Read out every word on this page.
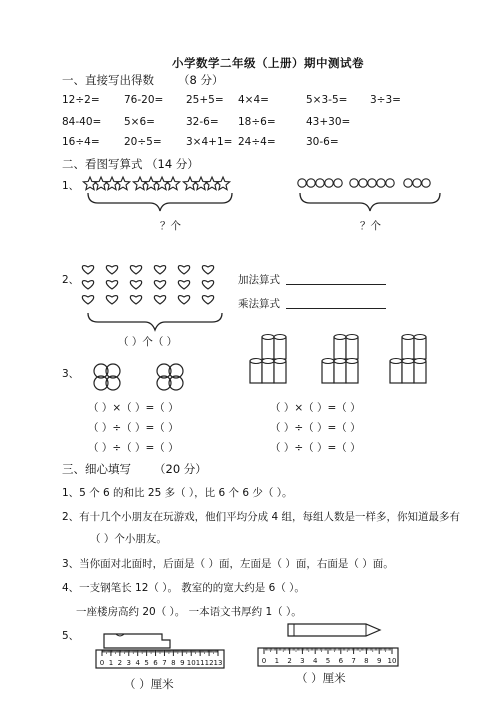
小学数学二年级（上册）期中测试卷
一、直接写出得数 （8 分）
12÷2= 76-20= 25+5= 4×4=	5×3-5= 3÷3=
84-40= 5×6=	32-6= 18÷6=	43+30=
16÷4= 20÷5= 3×4+1= 24÷4=	30-6=
二、看图写算式 （14 分）
1、
？个	？个
2、
（ ）个（ ）
加法算式
乘法算式
3、
（ ）×（ ）=（ ）
（ ）÷（ ）=（ ）
（ ）÷（ ）=（ ）
（ ）×（ ）=（ ）
（ ）÷（ ）=（ ）
（ ）÷（ ）=（ ）
三、细心填写 （20 分）
1、5 个 6 的和比 25 多（ ），比 6 个 6 少（ ）。
2、有十几个小朋友在玩游戏，他们平均分成 4 组，每组人数是一样多，你知道最多有
（ ）个小朋友。
3、当你面对北面时，后面是（ ）面，左面是（ ）面，右面是（ ）面。
4、一支钢笔长 12（ ）。 教室的的宽大约是 6（ ）。
一座楼房高约 20（ ）。 一本语文书厚约 1（ ）。
5、
0 1 2 3 4 5 6 7 8 9 10 11 12 13	0 1 2 3 4 5 6 7 8 9 10
（ ）厘米	（ ）厘米
